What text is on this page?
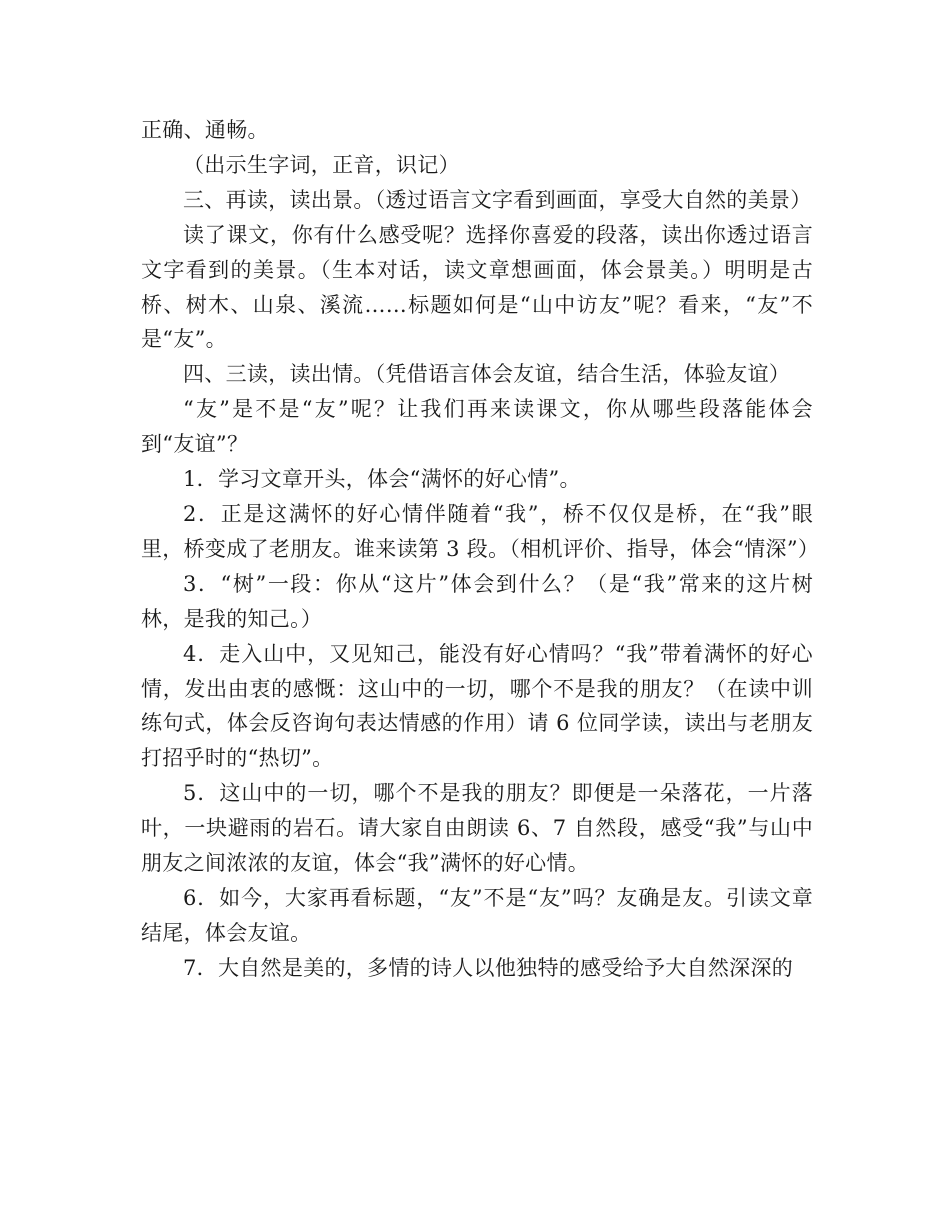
正确、通畅。

（出示生字词，正音，识记）

三、再读，读出景。（透过语言文字看到画面，享受大自然的美景）

读了课文，你有什么感受呢？选择你喜爱的段落，读出你透过语言文字看到的美景。（生本对话，读文章想画面，体会景美。）明明是古桥、树木、山泉、溪流……标题如何是“山中访友”呢？看来，“友”不是“友”。

四、三读，读出情。（凭借语言体会友谊，结合生活，体验友谊）

“友”是不是“友”呢？让我们再来读课文，你从哪些段落能体会到“友谊”？

1．学习文章开头，体会“满怀的好心情”。

2．正是这满怀的好心情伴随着“我”，桥不仅仅是桥，在“我”眼里，桥变成了老朋友。谁来读第 3 段。（相机评价、指导，体会“情深”）

3．“树”一段：你从“这片”体会到什么？（是“我”常来的这片树林，是我的知己。）

4．走入山中，又见知己，能没有好心情吗？“我”带着满怀的好心情，发出由衷的感慨：这山中的一切，哪个不是我的朋友？（在读中训练句式，体会反咨询句表达情感的作用）请 6 位同学读，读出与老朋友打招乎时的“热切”。

5．这山中的一切，哪个不是我的朋友？即便是一朵落花，一片落叶，一块避雨的岩石。请大家自由朗读 6、7 自然段，感受“我”与山中朋友之间浓浓的友谊，体会“我”满怀的好心情。

6．如今，大家再看标题，“友”不是“友”吗？友确是友。引读文章结尾，体会友谊。

7．大自然是美的，多情的诗人以他独特的感受给予大自然深深的
